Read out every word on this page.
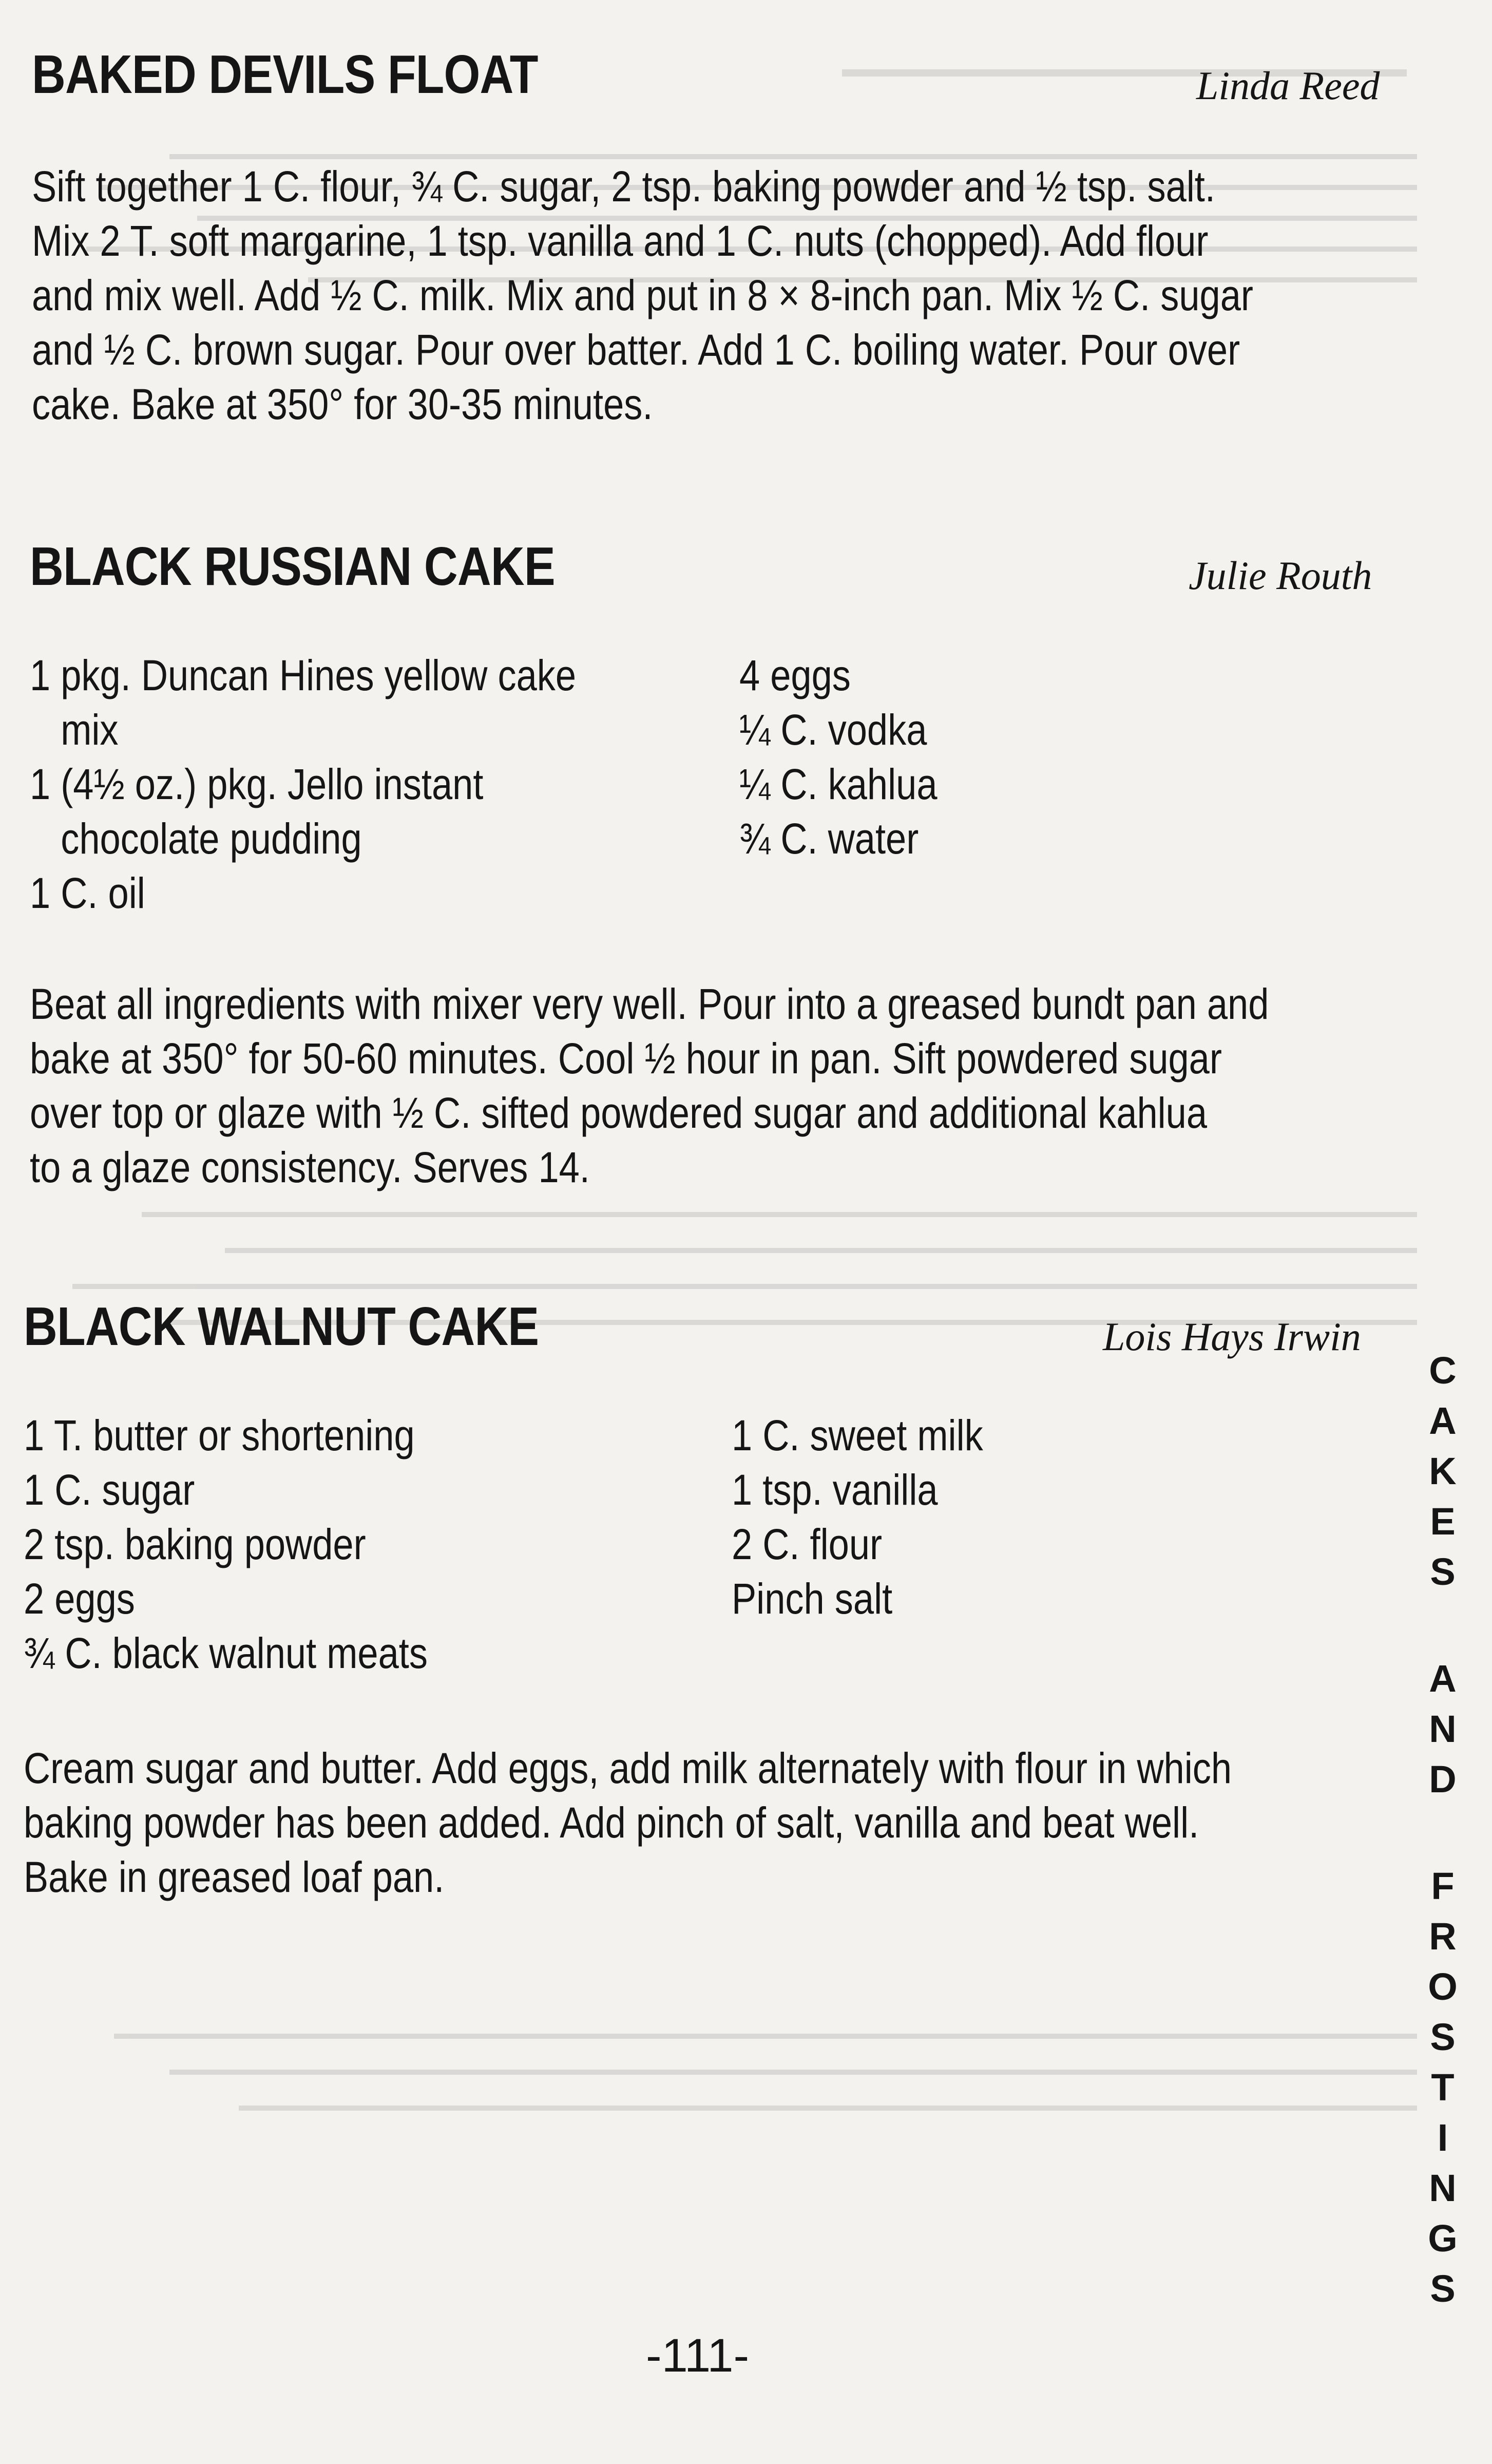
BAKED DEVILS FLOAT	Linda Reed
Sift together 1 C. flour, ¾ C. sugar, 2 tsp. baking powder and ½ tsp. salt.
Mix 2 T. soft margarine, 1 tsp. vanilla and 1 C. nuts (chopped). Add flour
and mix well. Add ½ C. milk. Mix and put in 8 × 8-inch pan. Mix ½ C. sugar
and ½ C. brown sugar. Pour over batter. Add 1 C. boiling water. Pour over
cake. Bake at 350° for 30-35 minutes.
BLACK RUSSIAN CAKE	Julie Routh
1 pkg. Duncan Hines yellow cake
mix
1 (4½ oz.) pkg. Jello instant
chocolate pudding
1 C. oil
4 eggs
¼ C. vodka
¼ C. kahlua
¾ C. water
Beat all ingredients with mixer very well. Pour into a greased bundt pan and
bake at 350° for 50-60 minutes. Cool ½ hour in pan. Sift powdered sugar
over top or glaze with ½ C. sifted powdered sugar and additional kahlua
to a glaze consistency. Serves 14.
BLACK WALNUT CAKE	Lois Hays Irwin
1 T. butter or shortening
1 C. sugar
2 tsp. baking powder
2 eggs
¾ C. black walnut meats
1 C. sweet milk
1 tsp. vanilla
2 C. flour
Pinch salt
Cream sugar and butter. Add eggs, add milk alternately with flour in which
baking powder has been added. Add pinch of salt, vanilla and beat well.
Bake in greased loaf pan.
C
A
K
E
S
A
N
D
F
R
O
S
T
I
N
G
S
-111-
